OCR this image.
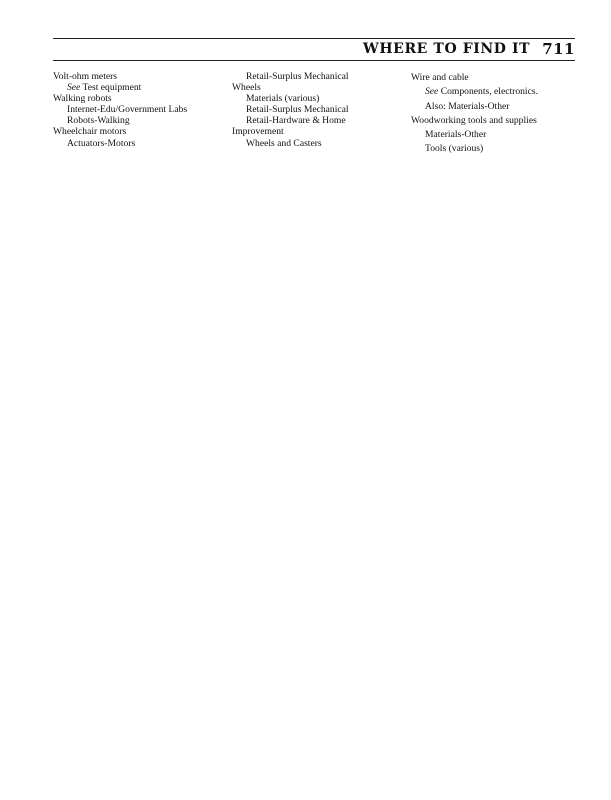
WHERE TO FIND IT 711

Volt-ohm meters

See Test equipment

Walking robots

Internet-Edu/Government Labs

Robots-Walking

Wheelchair motors

Actuators-Motors

Retail-Surplus Mechanical

Wheels

Materials (various)

Retail-Surplus Mechanical

Retail-Hardware & Home

Improvement

Wheels and Casters

Wire and cable

See Components, electronics.

Also: Materials-Other

Woodworking tools and supplies

Materials-Other

Tools (various)
